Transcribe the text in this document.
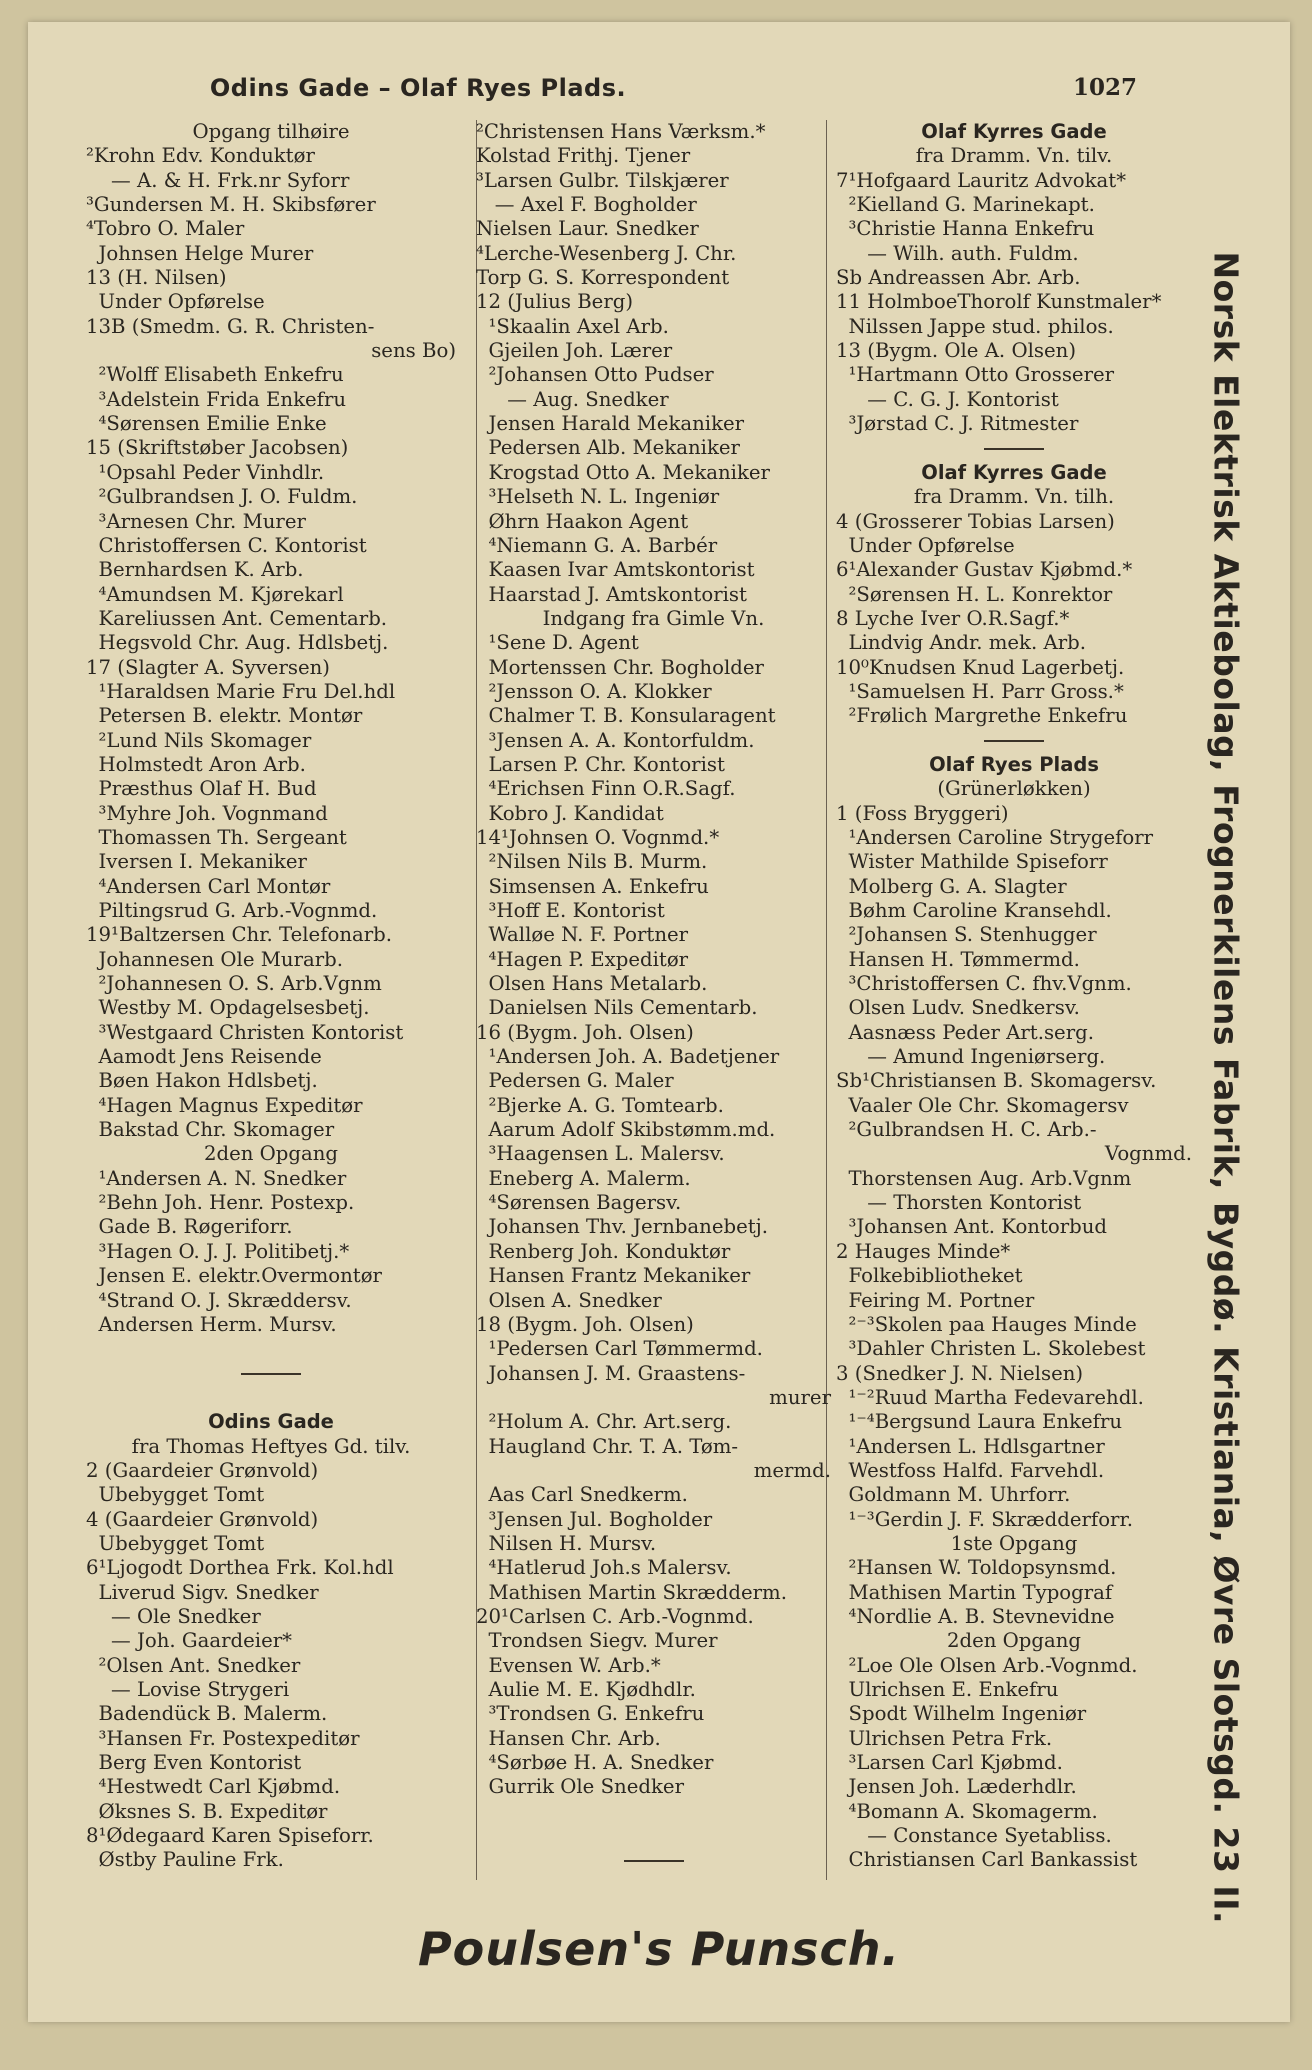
Odins Gade – Olaf Ryes Plads.	1027
Opgang tilhøire
²Krohn Edv. Konduktør
— A. & H. Frk.nr Syforr
³Gundersen M. H. Skibsfører
⁴Tobro O. Maler
Johnsen Helge Murer
13 (H. Nilsen)
Under Opførelse
13B (Smedm. G. R. Christen-
sens Bo)
²Wolff Elisabeth Enkefru
³Adelstein Frida Enkefru
⁴Sørensen Emilie Enke
15 (Skriftstøber Jacobsen)
¹Opsahl Peder Vinhdlr.
²Gulbrandsen J. O. Fuldm.
³Arnesen Chr. Murer
Christoffersen C. Kontorist
Bernhardsen K. Arb.
⁴Amundsen M. Kjørekarl
Kareliussen Ant. Cementarb.
Hegsvold Chr. Aug. Hdlsbetj.
17 (Slagter A. Syversen)
¹Haraldsen Marie Fru Del.hdl
Petersen B. elektr. Montør
²Lund Nils Skomager
Holmstedt Aron Arb.
Præsthus Olaf H. Bud
³Myhre Joh. Vognmand
Thomassen Th. Sergeant
Iversen I. Mekaniker
⁴Andersen Carl Montør
Piltingsrud G. Arb.-Vognmd.
19¹Baltzersen Chr. Telefonarb.
Johannesen Ole Murarb.
²Johannesen O. S. Arb.Vgnm
Westby M. Opdagelsesbetj.
³Westgaard Christen Kontorist
Aamodt Jens Reisende
Bøen Hakon Hdlsbetj.
⁴Hagen Magnus Expeditør
Bakstad Chr. Skomager
2den Opgang
¹Andersen A. N. Snedker
²Behn Joh. Henr. Postexp.
Gade B. Røgeriforr.
³Hagen O. J. J. Politibetj.*
Jensen E. elektr.Overmontør
⁴Strand O. J. Skræddersv.
Andersen Herm. Mursv.
Odins Gade
fra Thomas Heftyes Gd. tilv.
2 (Gaardeier Grønvold)
Ubebygget Tomt
4 (Gaardeier Grønvold)
Ubebygget Tomt
6¹Ljogodt Dorthea Frk. Kol.hdl
Liverud Sigv. Snedker
— Ole Snedker
— Joh. Gaardeier*
²Olsen Ant. Snedker
— Lovise Strygeri
Badendück B. Malerm.
³Hansen Fr. Postexpeditør
Berg Even Kontorist
⁴Hestwedt Carl Kjøbmd.
Øksnes S. B. Expeditør
8¹Ødegaard Karen Spiseforr.
Østby Pauline Frk.
²Christensen Hans Værksm.*
Kolstad Frithj. Tjener
³Larsen Gulbr. Tilskjærer
— Axel F. Bogholder
Nielsen Laur. Snedker
⁴Lerche-Wesenberg J. Chr.
Torp G. S. Korrespondent
12 (Julius Berg)
¹Skaalin Axel Arb.
Gjeilen Joh. Lærer
²Johansen Otto Pudser
— Aug. Snedker
Jensen Harald Mekaniker
Pedersen Alb. Mekaniker
Krogstad Otto A. Mekaniker
³Helseth N. L. Ingeniør
Øhrn Haakon Agent
⁴Niemann G. A. Barbér
Kaasen Ivar Amtskontorist
Haarstad J. Amtskontorist
Indgang fra Gimle Vn.
¹Sene D. Agent
Mortenssen Chr. Bogholder
²Jensson O. A. Klokker
Chalmer T. B. Konsularagent
³Jensen A. A. Kontorfuldm.
Larsen P. Chr. Kontorist
⁴Erichsen Finn O.R.Sagf.
Kobro J. Kandidat
14¹Johnsen O. Vognmd.*
²Nilsen Nils B. Murm.
Simsensen A. Enkefru
³Hoff E. Kontorist
Walløe N. F. Portner
⁴Hagen P. Expeditør
Olsen Hans Metalarb.
Danielsen Nils Cementarb.
16 (Bygm. Joh. Olsen)
¹Andersen Joh. A. Badetjener
Pedersen G. Maler
²Bjerke A. G. Tomtearb.
Aarum Adolf Skibstømm.md.
³Haagensen L. Malersv.
Eneberg A. Malerm.
⁴Sørensen Bagersv.
Johansen Thv. Jernbanebetj.
Renberg Joh. Konduktør
Hansen Frantz Mekaniker
Olsen A. Snedker
18 (Bygm. Joh. Olsen)
¹Pedersen Carl Tømmermd.
Johansen J. M. Graastens-
murer
²Holum A. Chr. Art.serg.
Haugland Chr. T. A. Tøm-
mermd.
Aas Carl Snedkerm.
³Jensen Jul. Bogholder
Nilsen H. Mursv.
⁴Hatlerud Joh.s Malersv.
Mathisen Martin Skrædderm.
20¹Carlsen C. Arb.-Vognmd.
Trondsen Siegv. Murer
Evensen W. Arb.*
Aulie M. E. Kjødhdlr.
³Trondsen G. Enkefru
Hansen Chr. Arb.
⁴Sørbøe H. A. Snedker
Gurrik Ole Snedker
Olaf Kyrres Gade
fra Dramm. Vn. tilv.
7¹Hofgaard Lauritz Advokat*
²Kielland G. Marinekapt.
³Christie Hanna Enkefru
— Wilh. auth. Fuldm.
Sb Andreassen Abr. Arb.
11 HolmboeThorolf Kunstmaler*
Nilssen Jappe stud. philos.
13 (Bygm. Ole A. Olsen)
¹Hartmann Otto Grosserer
— C. G. J. Kontorist
³Jørstad C. J. Ritmester
Olaf Kyrres Gade
fra Dramm. Vn. tilh.
4 (Grosserer Tobias Larsen)
Under Opførelse
6¹Alexander Gustav Kjøbmd.*
²Sørensen H. L. Konrektor
8 Lyche Iver O.R.Sagf.*
Lindvig Andr. mek. Arb.
10⁰Knudsen Knud Lagerbetj.
¹Samuelsen H. Parr Gross.*
²Frølich Margrethe Enkefru
Olaf Ryes Plads
(Grünerløkken)
1 (Foss Bryggeri)
¹Andersen Caroline Strygeforr
Wister Mathilde Spiseforr
Molberg G. A. Slagter
Bøhm Caroline Kransehdl.
²Johansen S. Stenhugger
Hansen H. Tømmermd.
³Christoffersen C. fhv.Vgnm.
Olsen Ludv. Snedkersv.
Aasnæss Peder Art.serg.
— Amund Ingeniørserg.
Sb¹Christiansen B. Skomagersv.
Vaaler Ole Chr. Skomagersv
²Gulbrandsen H. C. Arb.-
Vognmd.
Thorstensen Aug. Arb.Vgnm
— Thorsten Kontorist
³Johansen Ant. Kontorbud
2 Hauges Minde*
Folkebibliotheket
Feiring M. Portner
²⁻³Skolen paa Hauges Minde
³Dahler Christen L. Skolebest
3 (Snedker J. N. Nielsen)
¹⁻²Ruud Martha Fedevarehdl.
¹⁻⁴Bergsund Laura Enkefru
¹Andersen L. Hdlsgartner
Westfoss Halfd. Farvehdl.
Goldmann M. Uhrforr.
¹⁻³Gerdin J. F. Skrædderforr.
1ste Opgang
²Hansen W. Toldopsynsmd.
Mathisen Martin Typograf
⁴Nordlie A. B. Stevnevidne
2den Opgang
²Loe Ole Olsen Arb.-Vognmd.
Ulrichsen E. Enkefru
Spodt Wilhelm Ingeniør
Ulrichsen Petra Frk.
³Larsen Carl Kjøbmd.
Jensen Joh. Læderhdlr.
⁴Bomann A. Skomagerm.
— Constance Syetabliss.
Christiansen Carl Bankassist	Norsk Elektrisk Aktiebolag, Frognerkilens Fabrik, Bygdø. Kristiania, Øvre Slotsgd. 23 II.
Poulsen's Punsch.
